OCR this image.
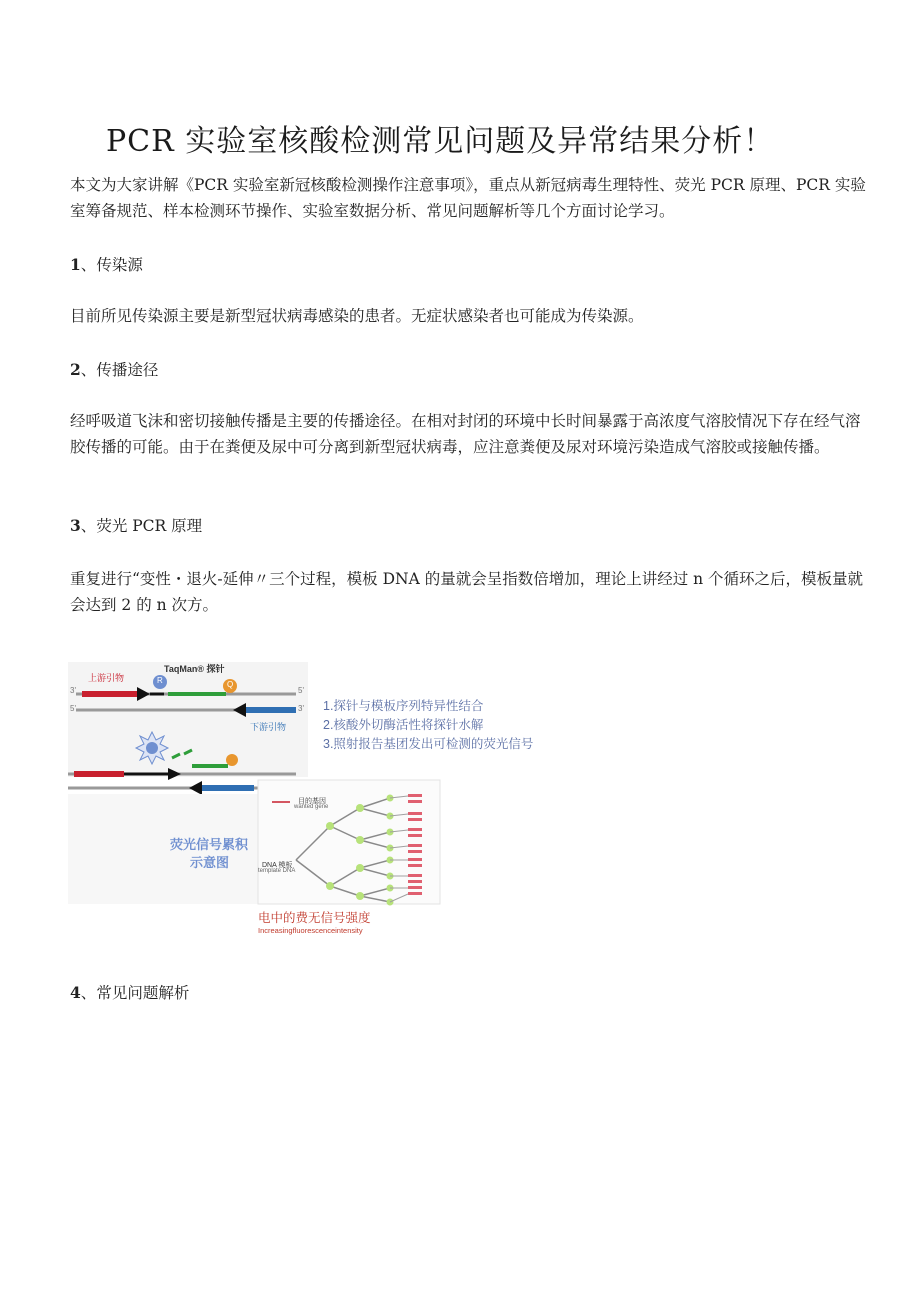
PCR 实验室核酸检测常见问题及异常结果分析！
本文为大家讲解《PCR 实验室新冠核酸检测操作注意事项》，重点从新冠病毒生理特性、荧光 PCR 原理、PCR 实验室筹备规范、样本检测环节操作、实验室数据分析、常见问题解析等几个方面讨论学习。
1、传染源
目前所见传染源主要是新型冠状病毒感染的患者。无症状感染者也可能成为传染源。
2、传播途径
经呼吸道飞沫和密切接触传播是主要的传播途径。在相对封闭的环境中长时间暴露于高浓度气溶胶情况下存在经气溶胶传播的可能。由于在粪便及尿中可分离到新型冠状病毒，应注意粪便及尿对环境污染造成气溶胶或接触传播。
3、荧光 PCR 原理
重复进行“变性・退火-延伸〃三个过程，模板 DNA 的量就会呈指数倍增加，理论上讲经过 n 个循环之后，模板量就会达到 2 的 n 次方。
上游引物
TaqMan® 探针
下游引物
R	Q
3'	5'
5'	3' 1.探针与模板序列特异性结合
2.核酸外切酶活性将探针水解
3.照射报告基团发出可检测的荧光信号
荧光信号累积
示意图
目的基因
wanted gene
DNA 模板
template DNA
电中的费无信号强度
Increasingfluorescenceintensity
4、常见问题解析
